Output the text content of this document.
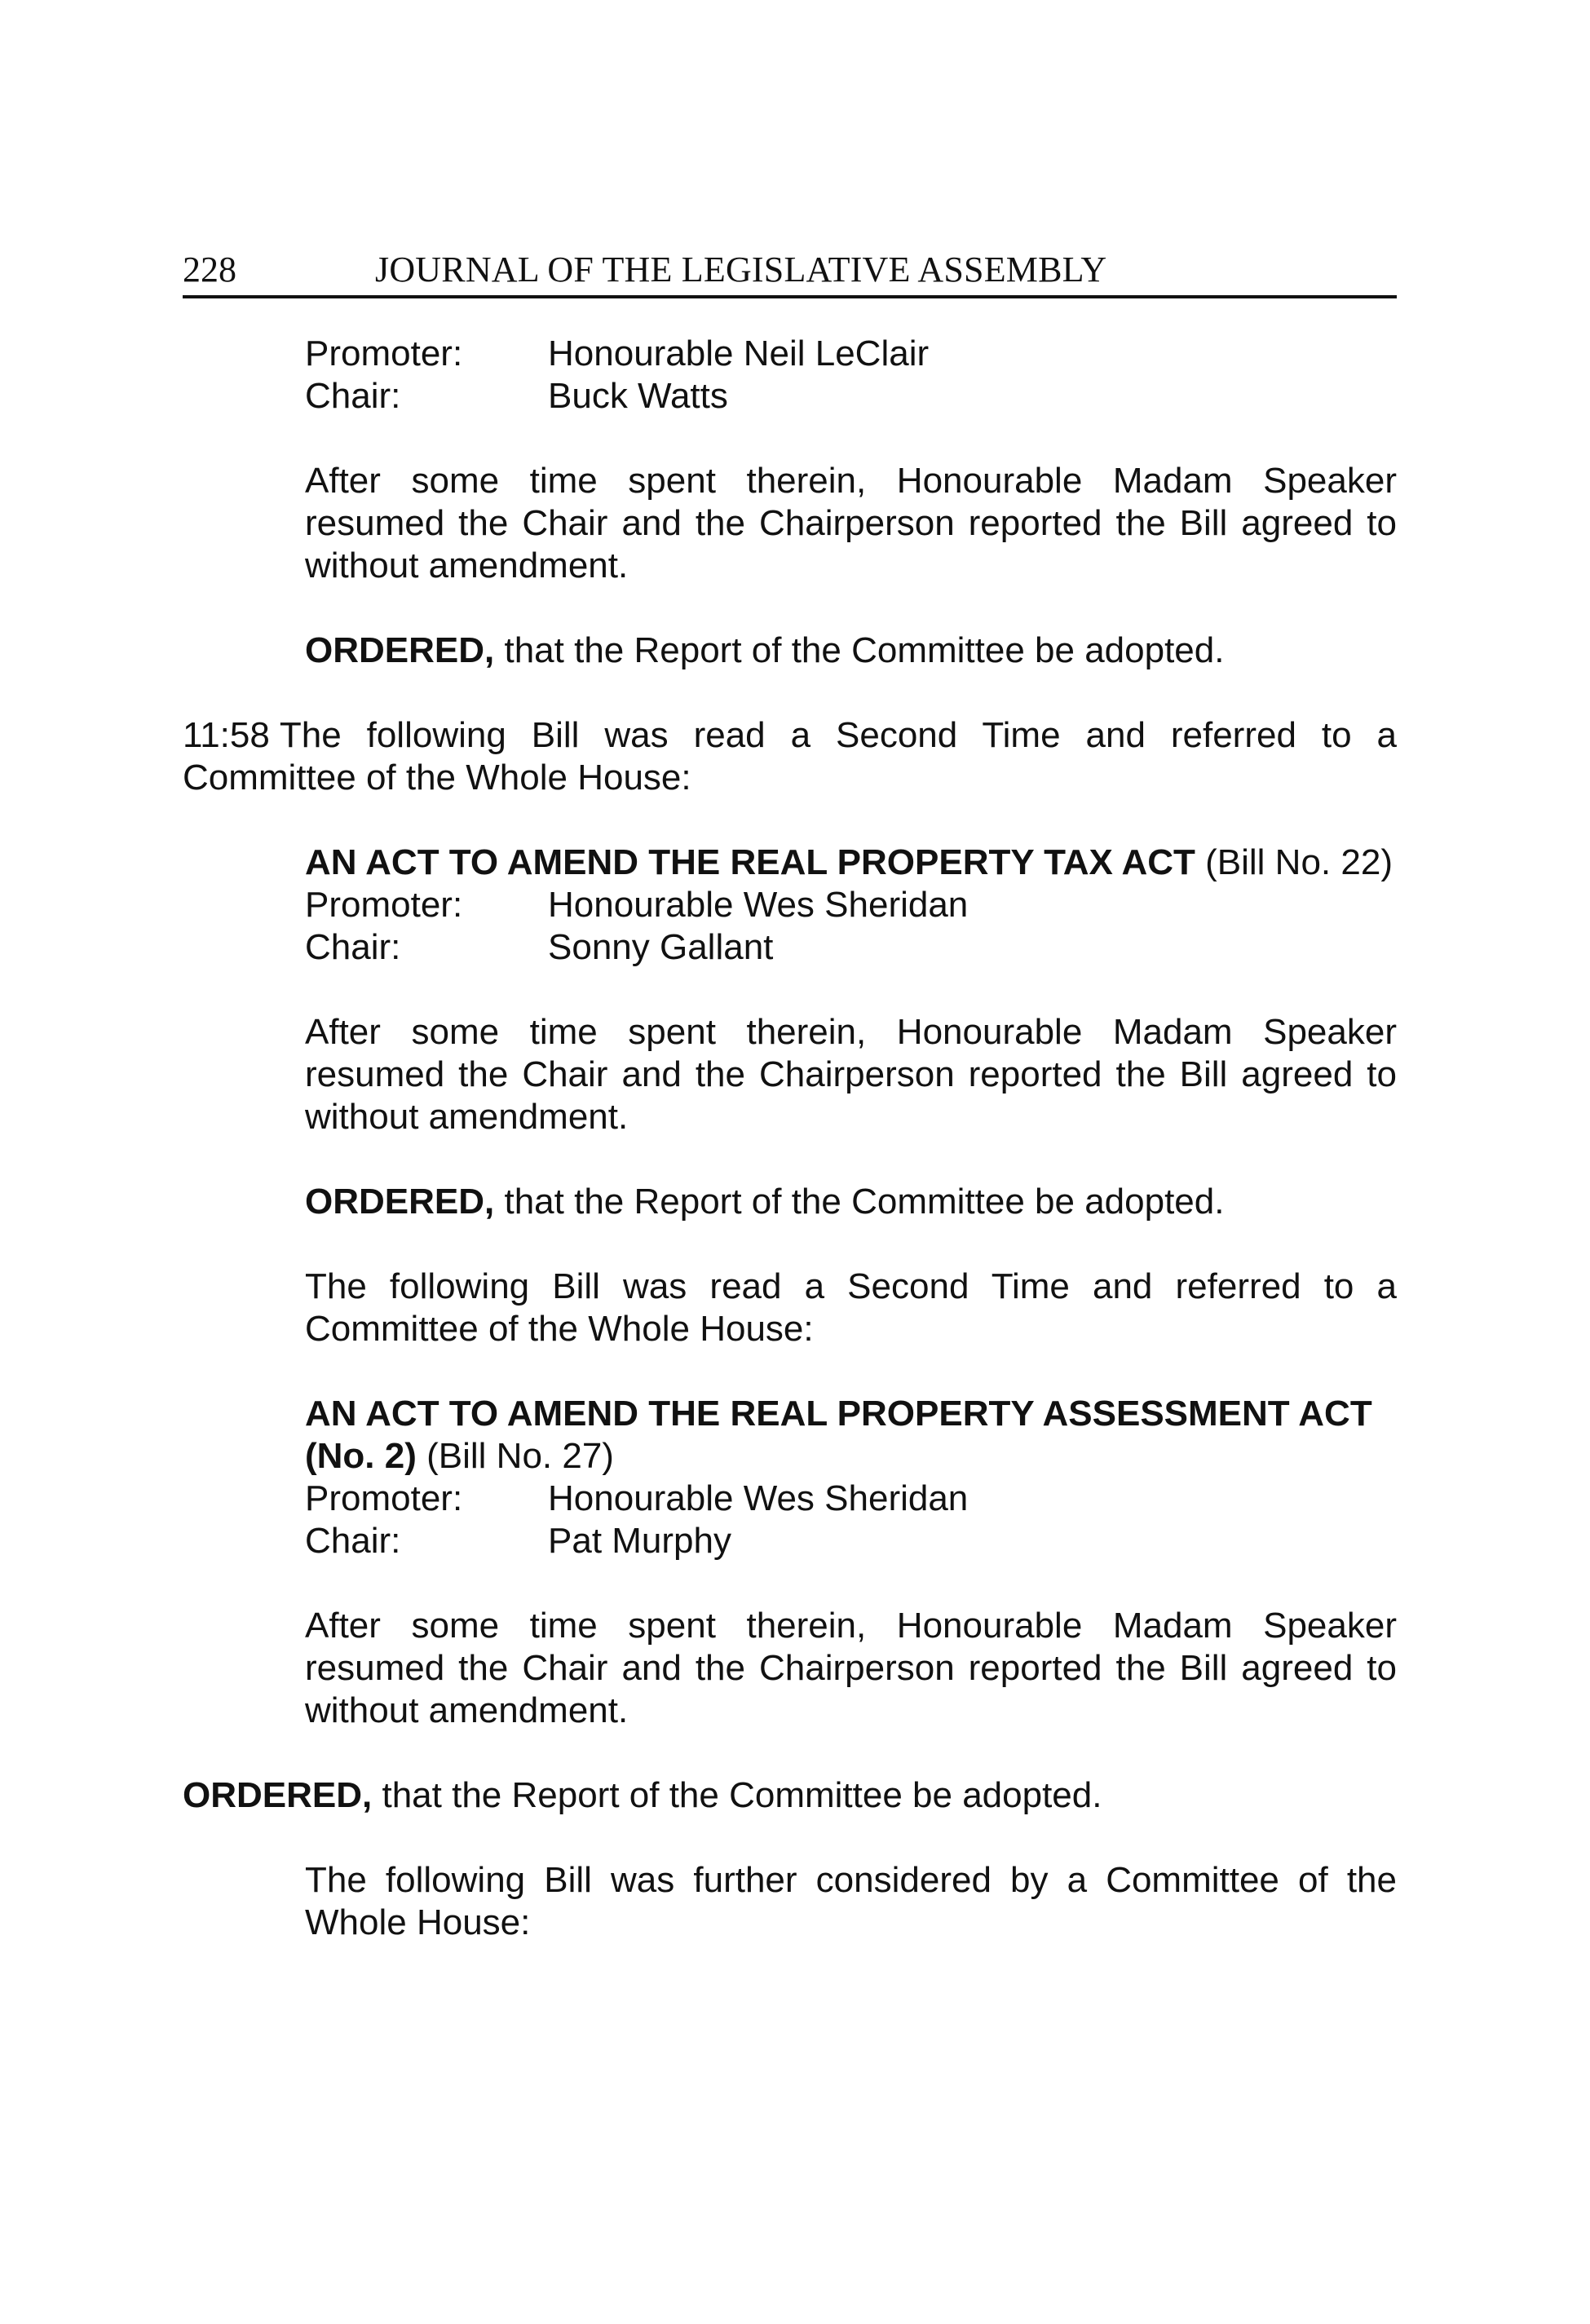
228	JOURNAL OF THE LEGISLATIVE ASSEMBLY
Promoter:	Honourable Neil LeClair
Chair:	Buck Watts

After some time spent therein, Honourable Madam Speaker resumed the Chair and the Chairperson reported the Bill agreed to without amendment.

ORDERED, that the Report of the Committee be adopted.

11:58 The following Bill was read a Second Time and referred to a Committee of the Whole House:

AN ACT TO AMEND THE REAL PROPERTY TAX ACT (Bill No. 22)

Promoter:	Honourable Wes Sheridan
Chair:	Sonny Gallant

After some time spent therein, Honourable Madam Speaker resumed the Chair and the Chairperson reported the Bill agreed to without amendment.

ORDERED, that the Report of the Committee be adopted.

The following Bill was read a Second Time and referred to a Committee of the Whole House:

AN ACT TO AMEND THE REAL PROPERTY ASSESSMENT ACT
(No. 2) (Bill No. 27)

Promoter:	Honourable Wes Sheridan
Chair:	Pat Murphy

After some time spent therein, Honourable Madam Speaker resumed the Chair and the Chairperson reported the Bill agreed to without amendment.

ORDERED, that the Report of the Committee be adopted.

The following Bill was further considered by a Committee of the Whole House:
